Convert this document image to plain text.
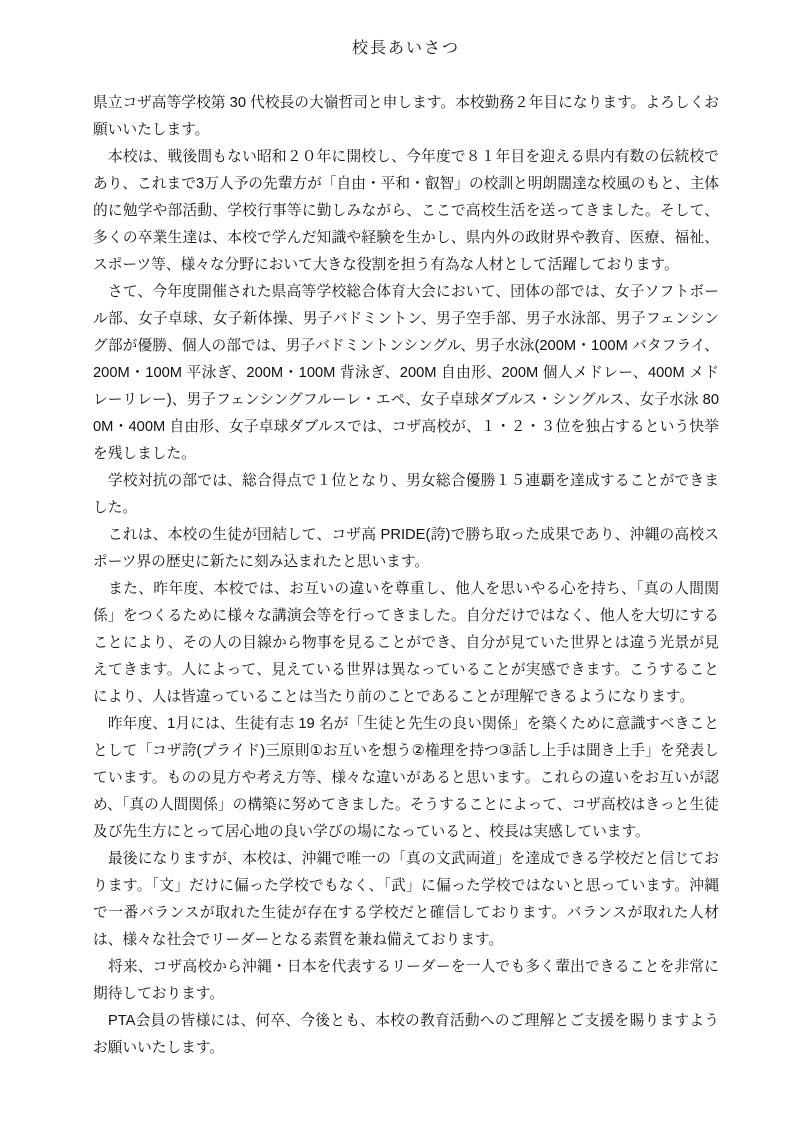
校長あいさつ

県立コザ高等学校第 30 代校長の大嶺哲司と申します。本校勤務２年目になります。よろしくお願いいたします。

　本校は、戦後間もない昭和２０年に開校し、今年度で８１年目を迎える県内有数の伝統校であり、これまで3万人予の先輩方が「自由・平和・叡智」の校訓と明朗闊達な校風のもと、主体的に勉学や部活動、学校行事等に勤しみながら、ここで高校生活を送ってきました。そして、多くの卒業生達は、本校で学んだ知識や経験を生かし、県内外の政財界や教育、医療、福祉、スポーツ等、様々な分野において大きな役割を担う有為な人材として活躍しております。

　さて、今年度開催された県高等学校総合体育大会において、団体の部では、女子ソフトボール部、女子卓球、女子新体操、男子バドミントン、男子空手部、男子水泳部、男子フェンシング部が優勝、個人の部では、男子バドミントンシングル、男子水泳(200M・100M バタフライ、200M・100M 平泳ぎ、200M・100M 背泳ぎ、200M 自由形、200M 個人メドレー、400M メドレーリレー)、男子フェンシングフルーレ・エペ、女子卓球ダブルス・シングルス、女子水泳 800M・400M 自由形、女子卓球ダブルスでは、コザ高校が、１・２・３位を独占するという快挙を残しました。

　学校対抗の部では、総合得点で１位となり、男女総合優勝１５連覇を達成することができました。

　これは、本校の生徒が団結して、コザ高 PRIDE(誇)で勝ち取った成果であり、沖縄の高校スポーツ界の歴史に新たに刻み込まれたと思います。

　また、昨年度、本校では、お互いの違いを尊重し、他人を思いやる心を持ち、「真の人間関係」をつくるために様々な講演会等を行ってきました。自分だけではなく、他人を大切にすることにより、その人の目線から物事を見ることができ、自分が見ていた世界とは違う光景が見えてきます。人によって、見えている世界は異なっていることが実感できます。こうすることにより、人は皆違っていることは当たり前のことであることが理解できるようになります。

　昨年度、1月には、生徒有志 19 名が「生徒と先生の良い関係」を築くために意識すべきこととして「コザ誇(プライド)三原則①お互いを想う②権理を持つ③話し上手は聞き上手」を発表しています。ものの見方や考え方等、様々な違いがあると思います。これらの違いをお互いが認め、「真の人間関係」の構築に努めてきました。そうすることによって、コザ高校はきっと生徒及び先生方にとって居心地の良い学びの場になっていると、校長は実感しています。

　最後になりますが、本校は、沖縄で唯一の「真の文武両道」を達成できる学校だと信じております。「文」だけに偏った学校でもなく、「武」に偏った学校ではないと思っています。沖縄で一番バランスが取れた生徒が存在する学校だと確信しております。バランスが取れた人材は、様々な社会でリーダーとなる素質を兼ね備えております。

　将来、コザ高校から沖縄・日本を代表するリーダーを一人でも多く輩出できることを非常に期待しております。

　PTA会員の皆様には、何卒、今後とも、本校の教育活動へのご理解とご支援を賜りますようお願いいたします。
